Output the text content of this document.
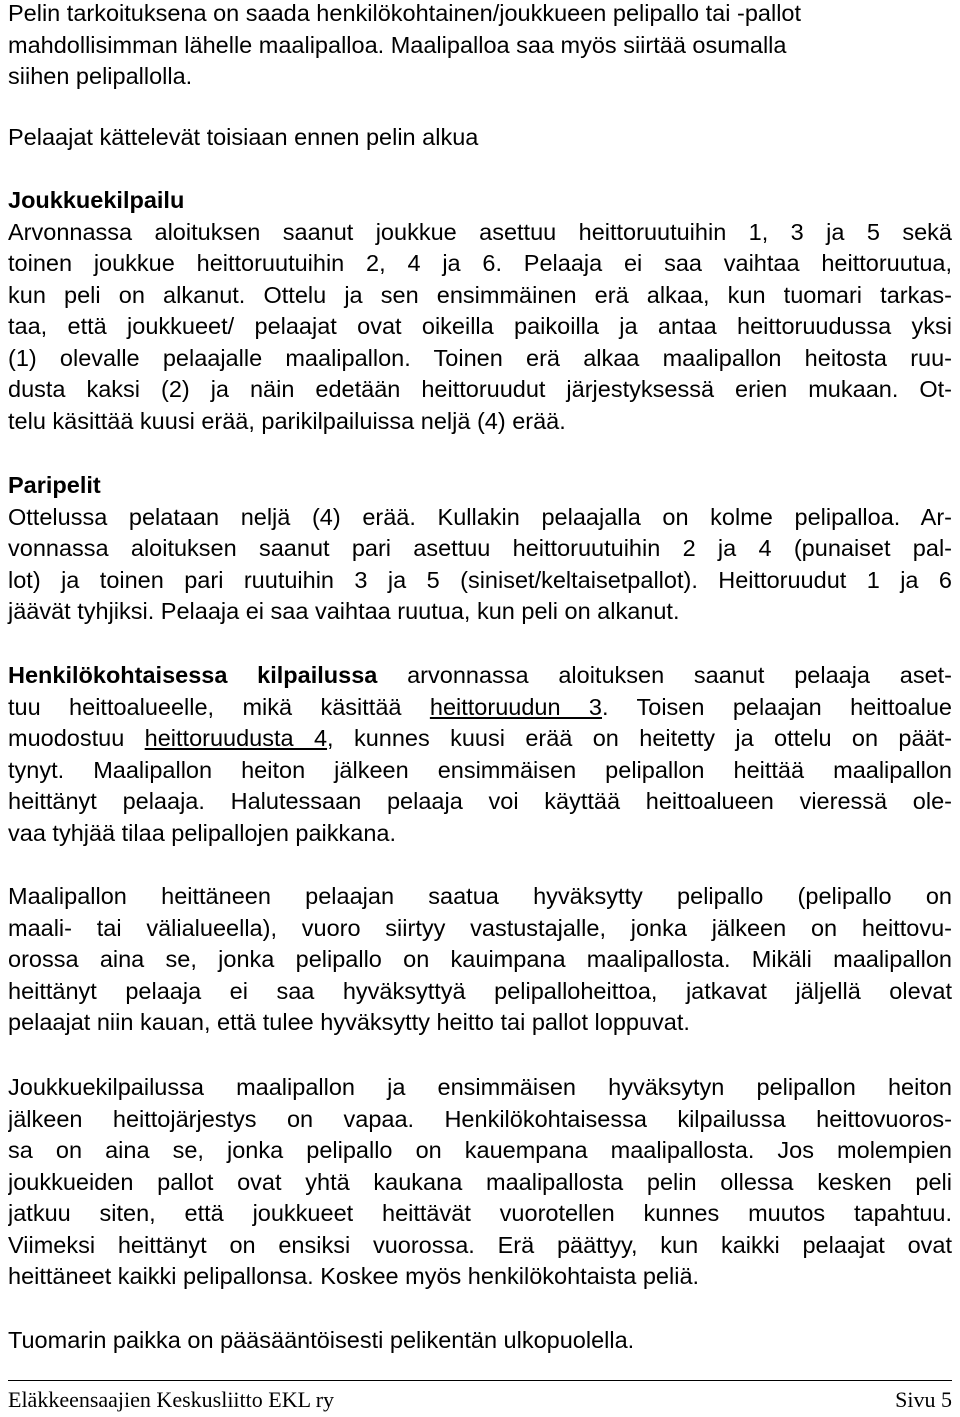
Pelin tarkoituksena on saada henkilökohtainen/joukkueen pelipallo tai -pallot
mahdollisimman lähelle maalipalloa. Maalipalloa saa myös siirtää osumalla
siihen pelipallolla.
Pelaajat kättelevät toisiaan ennen pelin alkua
Joukkuekilpailu
Arvonnassa aloituksen saanut joukkue asettuu heittoruutuihin 1, 3 ja 5 sekä
toinen joukkue heittoruutuihin 2, 4 ja 6. Pelaaja ei saa vaihtaa heittoruutua,
kun peli on alkanut. Ottelu ja sen ensimmäinen erä alkaa, kun tuomari tarkas-
taa, että joukkueet/ pelaajat ovat oikeilla paikoilla ja antaa heittoruudussa yksi
(1) olevalle pelaajalle maalipallon. Toinen erä alkaa maalipallon heitosta ruu-
dusta kaksi (2) ja näin edetään heittoruudut järjestyksessä erien mukaan. Ot-
telu käsittää kuusi erää, parikilpailuissa neljä (4) erää.
Paripelit
Ottelussa pelataan neljä (4) erää. Kullakin pelaajalla on kolme pelipalloa. Ar-
vonnassa aloituksen saanut pari asettuu heittoruutuihin 2 ja 4 (punaiset pal-
lot) ja toinen pari ruutuihin 3 ja 5 (siniset/keltaisetpallot). Heittoruudut 1 ja 6
jäävät tyhjiksi. Pelaaja ei saa vaihtaa ruutua, kun peli on alkanut.
Henkilökohtaisessa kilpailussa arvonnassa aloituksen saanut pelaaja aset-
tuu heittoalueelle, mikä käsittää heittoruudun 3. Toisen pelaajan heittoalue
muodostuu heittoruudusta 4, kunnes kuusi erää on heitetty ja ottelu on päät-
tynyt. Maalipallon heiton jälkeen ensimmäisen pelipallon heittää maalipallon
heittänyt pelaaja. Halutessaan pelaaja voi käyttää heittoalueen vieressä ole-
vaa tyhjää tilaa pelipallojen paikkana.
Maalipallon heittäneen pelaajan saatua hyväksytty pelipallo (pelipallo on
maali- tai välialueella), vuoro siirtyy vastustajalle, jonka jälkeen on heittovu-
orossa aina se, jonka pelipallo on kauimpana maalipallosta. Mikäli maalipallon
heittänyt pelaaja ei saa hyväksyttyä pelipalloheittoa, jatkavat jäljellä olevat
pelaajat niin kauan, että tulee hyväksytty heitto tai pallot loppuvat.
Joukkuekilpailussa maalipallon ja ensimmäisen hyväksytyn pelipallon heiton
jälkeen heittojärjestys on vapaa. Henkilökohtaisessa kilpailussa heittovuoros-
sa on aina se, jonka pelipallo on kauempana maalipallosta. Jos molempien
joukkueiden pallot ovat yhtä kaukana maalipallosta pelin ollessa kesken peli
jatkuu siten, että joukkueet heittävät vuorotellen kunnes muutos tapahtuu.
Viimeksi heittänyt on ensiksi vuorossa. Erä päättyy, kun kaikki pelaajat ovat
heittäneet kaikki pelipallonsa. Koskee myös henkilökohtaista peliä.
Tuomarin paikka on pääsääntöisesti pelikentän ulkopuolella.
Eläkkeensaajien Keskusliitto EKL ry	Sivu 5
